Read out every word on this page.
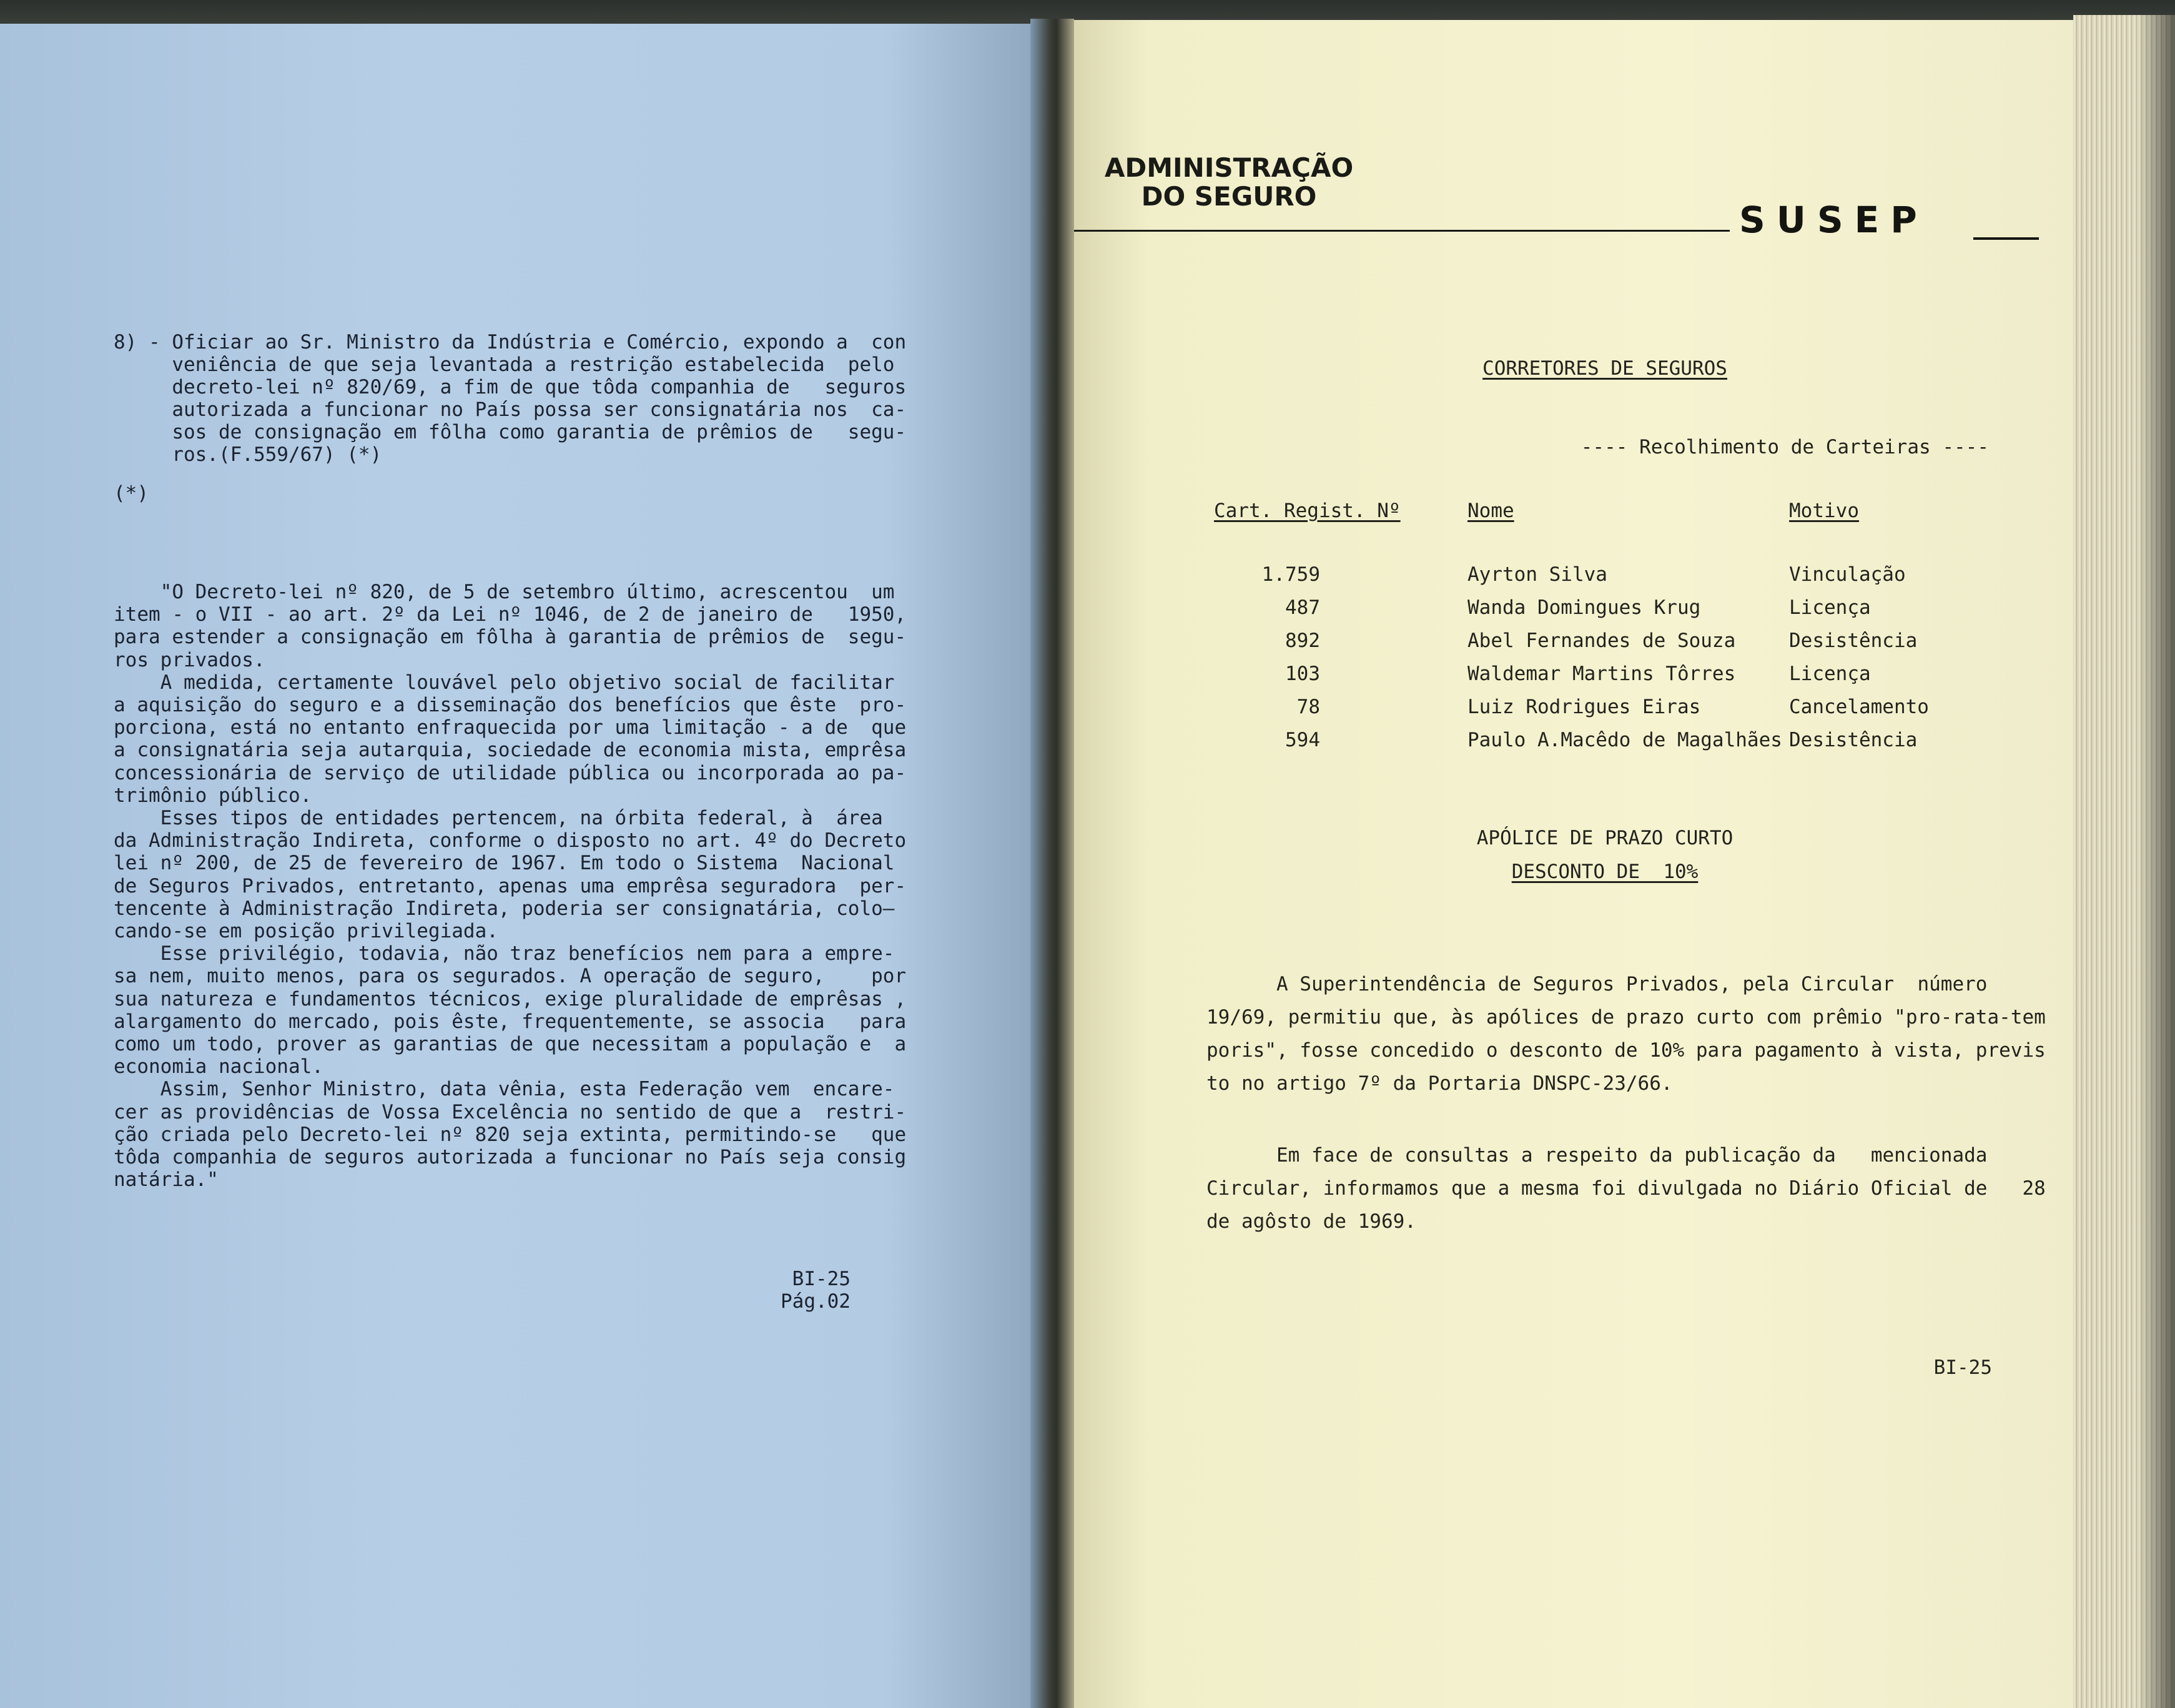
8) - Oficiar ao Sr. Ministro da Indústria e Comércio, expondo a  con
veniência de que seja levantada a restrição estabelecida  pelo
decreto-lei nº 820/69, a fim de que tôda companhia de   seguros
autorizada a funcionar no País possa ser consignatária nos  ca-
sos de consignação em fôlha como garantia de prêmios de   segu-
ros.(F.559/67) (*)
(*)
"O Decreto-lei nº 820, de 5 de setembro último, acrescentou  um
item - o VII - ao art. 2º da Lei nº 1046, de 2 de janeiro de   1950,
para estender a consignação em fôlha à garantia de prêmios de  segu-
ros privados.
A medida, certamente louvável pelo objetivo social de facilitar
a aquisição do seguro e a disseminação dos benefícios que êste  pro-
porciona, está no entanto enfraquecida por uma limitação - a de  que
a consignatária seja autarquia, sociedade de economia mista, emprêsa
concessionária de serviço de utilidade pública ou incorporada ao pa-
trimônio público.
Esses tipos de entidades pertencem, na órbita federal, à  área
da Administração Indireta, conforme o disposto no art. 4º do Decreto
lei nº 200, de 25 de fevereiro de 1967. Em todo o Sistema  Nacional
de Seguros Privados, entretanto, apenas uma emprêsa seguradora  per-
tencente à Administração Indireta, poderia ser consignatária, colo—
cando-se em posição privilegiada.
Esse privilégio, todavia, não traz benefícios nem para a empre-
sa nem, muito menos, para os segurados. A operação de seguro,    por
sua natureza e fundamentos técnicos, exige pluralidade de emprêsas ,
alargamento do mercado, pois êste, frequentemente, se associa   para
como um todo, prover as garantias de que necessitam a população e  a
economia nacional.
Assim, Senhor Ministro, data vênia, esta Federação vem  encare-
cer as providências de Vossa Excelência no sentido de que a  restri-
ção criada pelo Decreto-lei nº 820 seja extinta, permitindo-se   que
tôda companhia de seguros autorizada a funcionar no País seja consig
natária."
BI-25
Pág.02
ADMINISTRAÇÃO
DO SEGURO
SUSEP
CORRETORES DE SEGUROS
---- Recolhimento de Carteiras ----
Cart. Regist. Nº	Nome	Motivo
1.759	Ayrton Silva	Vinculação
487	Wanda Domingues Krug	Licença
892	Abel Fernandes de Souza	Desistência
103	Waldemar Martins Tôrres	Licença
78	Luiz Rodrigues Eiras	Cancelamento
594	Paulo A.Macêdo de Magalhães Desistência
APÓLICE DE PRAZO CURTO
DESCONTO DE  10%
A Superintendência de Seguros Privados, pela Circular  número
19/69, permitiu que, às apólices de prazo curto com prêmio "pro-rata-tem
poris", fosse concedido o desconto de 10% para pagamento à vista, previs
to no artigo 7º da Portaria DNSPC-23/66.
Em face de consultas a respeito da publicação da   mencionada
Circular, informamos que a mesma foi divulgada no Diário Oficial de   28
de agôsto de 1969.
BI-25
